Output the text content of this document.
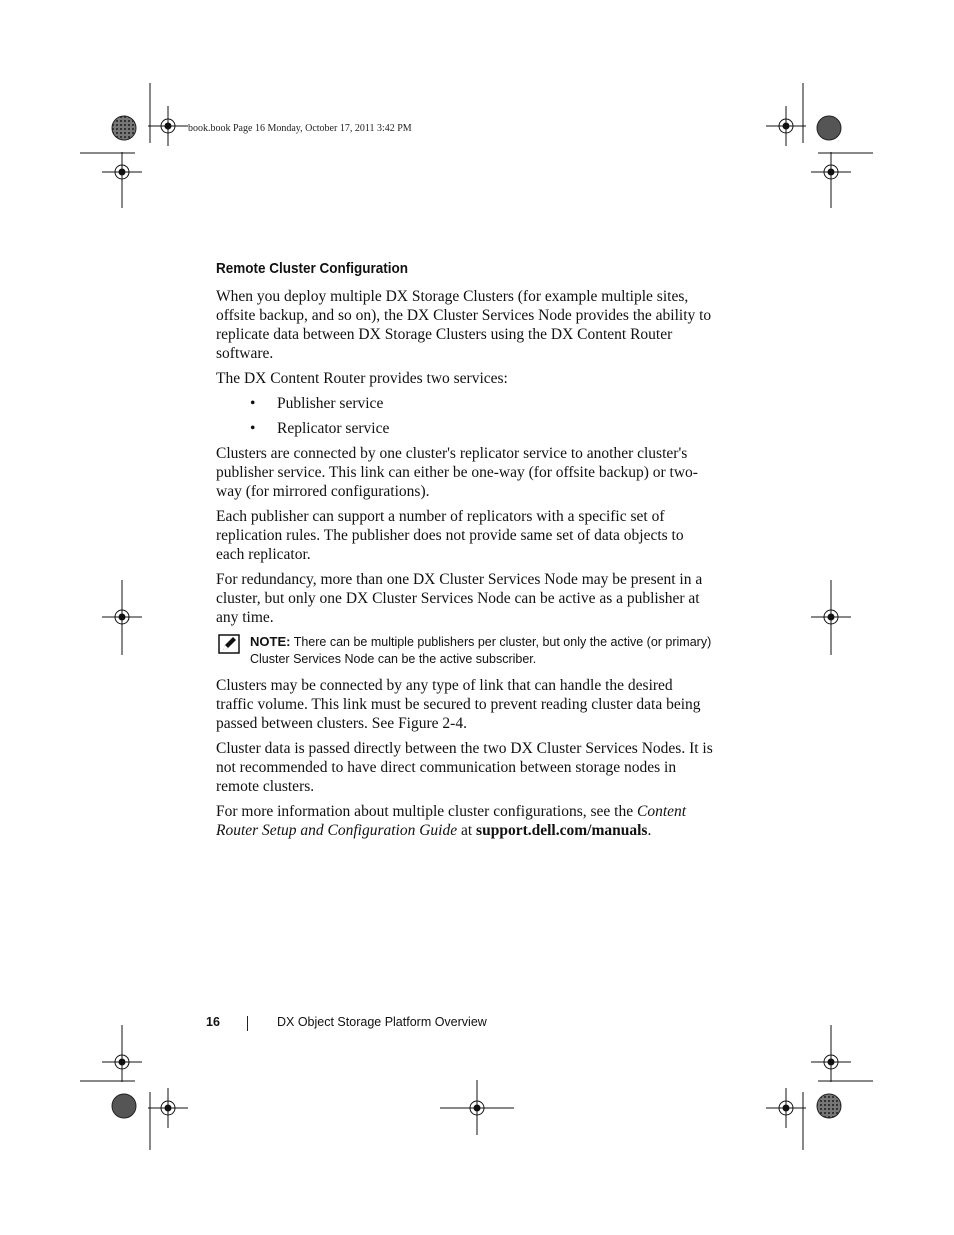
book.book Page 16 Monday, October 17, 2011 3:42 PM
Remote Cluster Configuration

When you deploy multiple DX Storage Clusters (for example multiple sites, offsite backup, and so on), the DX Cluster Services Node provides the ability to replicate data between DX Storage Clusters using the DX Content Router software.

The DX Content Router provides two services:

• Publisher service
• Replicator service

Clusters are connected by one cluster's replicator service to another cluster's publisher service. This link can either be one-way (for offsite backup) or two-way (for mirrored configurations).

Each publisher can support a number of replicators with a specific set of replication rules. The publisher does not provide same set of data objects to each replicator.

For redundancy, more than one DX Cluster Services Node may be present in a cluster, but only one DX Cluster Services Node can be active as a publisher at any time.

NOTE: There can be multiple publishers per cluster, but only the active (or primary) Cluster Services Node can be the active subscriber.

Clusters may be connected by any type of link that can handle the desired traffic volume. This link must be secured to prevent reading cluster data being passed between clusters. See Figure 2-4.

Cluster data is passed directly between the two DX Cluster Services Nodes. It is not recommended to have direct communication between storage nodes in remote clusters.

For more information about multiple cluster configurations, see the Content Router Setup and Configuration Guide at support.dell.com/manuals.

16	DX Object Storage Platform Overview
